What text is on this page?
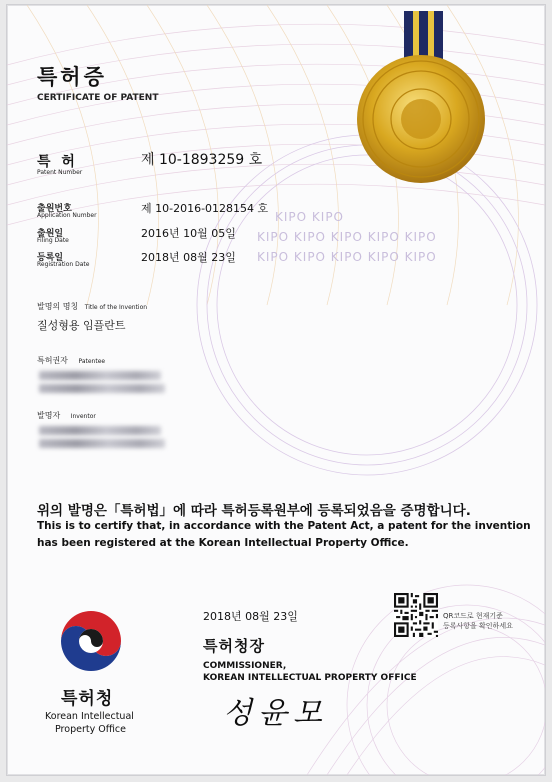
특허증
CERTIFICATE OF PATENT
특 허
Patent Number
제 10-1893259 호
출원번호
Application Number
제 10-2016-0128154 호
출원일
Filing Date
2016년 10월 05일
등록일
Registration Date
2018년 08월 23일
KIPO KIPO
KIPO KIPO KIPO KIPO KIPO
KIPO KIPO KIPO KIPO KIPO
발명의 명칭 Title of the Invention
질성형용 임플란트
특허권자 Patentee
발명자 Inventor
위의 발명은「특허법」에 따라 특허등록원부에 등록되었음을 증명합니다.
This is to certify that, in accordance with the Patent Act, a patent for the invention
has been registered at the Korean Intellectual Property Office.
2018년 08월 23일	QR코드로 현재기준
등록사항을 확인하세요
특허청장
COMMISSIONER,
KOREAN INTELLECTUAL PROPERTY OFFICE
성윤모
특허청
Korean Intellectual
Property Office
